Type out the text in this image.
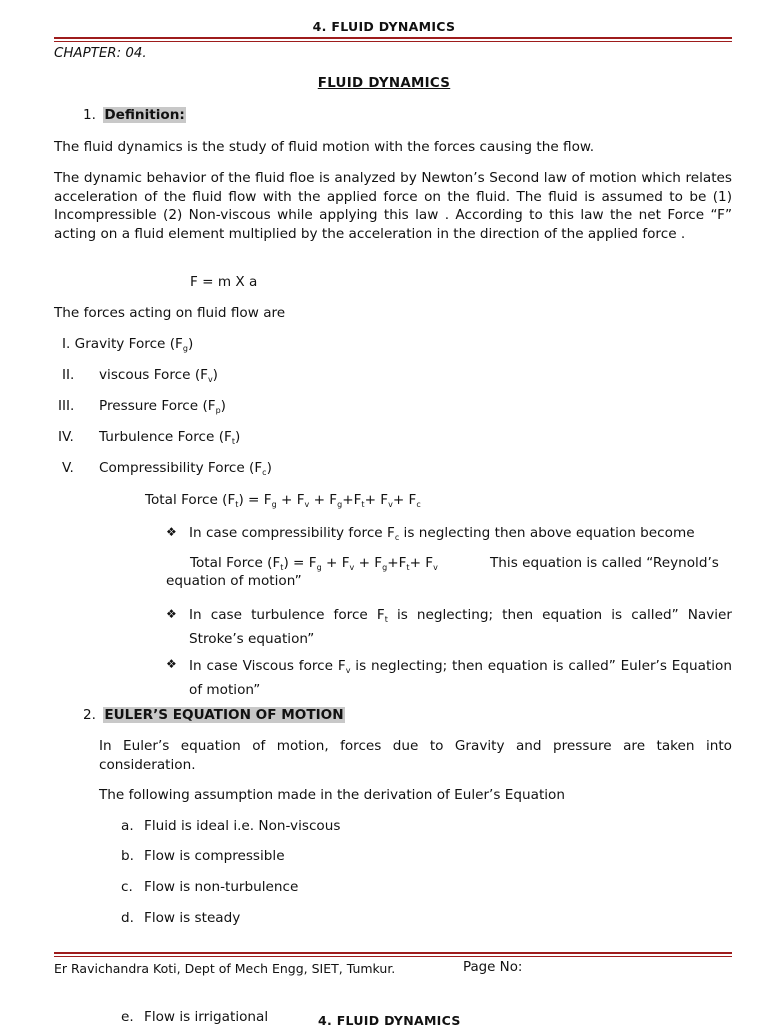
4. FLUID DYNAMICS
CHAPTER: 04.
FLUID DYNAMICS
1. Definition:
The fluid dynamics is the study of fluid motion with the forces causing the flow.
The dynamic behavior of the fluid floe is analyzed by Newton’s Second law of motion which relates acceleration of the fluid flow with the applied force on the fluid. The fluid is assumed to be (1) Incompressible (2) Non-viscous while applying this law . According to this law the net Force “F” acting on a fluid element multiplied by the acceleration in the direction of the applied force .
F = m X a
The forces acting on fluid flow are
I. Gravity Force $(F_g)$
II. viscous Force $(F_v)$
III. Pressure Force $(F_p)$
IV. Turbulence Force $(F_t)$
V. Compressibility Force $(F_c)$
Total Force $(F_t) = F_g + F_v + F_g+F_t+ F_v+ F_c$
❖ In case compressibility force $F_c$ is neglecting then above equation become
Total Force $(F_t) = F_g + F_v + F_g+F_t+ F_v$	This equation is called “Reynold’s
equation of motion”
❖ In case turbulence force $F_t$ is neglecting; then equation is called” Navier Stroke’s equation”
❖ In case Viscous force $F_v$ is neglecting; then equation is called” Euler’s Equation of motion”
2. EULER’S EQUATION OF MOTION
In Euler’s equation of motion, forces due to Gravity and pressure are taken into consideration.
The following assumption made in the derivation of Euler’s Equation
a. Fluid is ideal i.e. Non-viscous
b. Flow is compressible
c. Flow is non-turbulence
d. Flow is steady
Er Ravichandra Koti, Dept of Mech Engg, SIET, Tumkur.	Page No:
e. Flow is irrigational	4. FLUID DYNAMICS
